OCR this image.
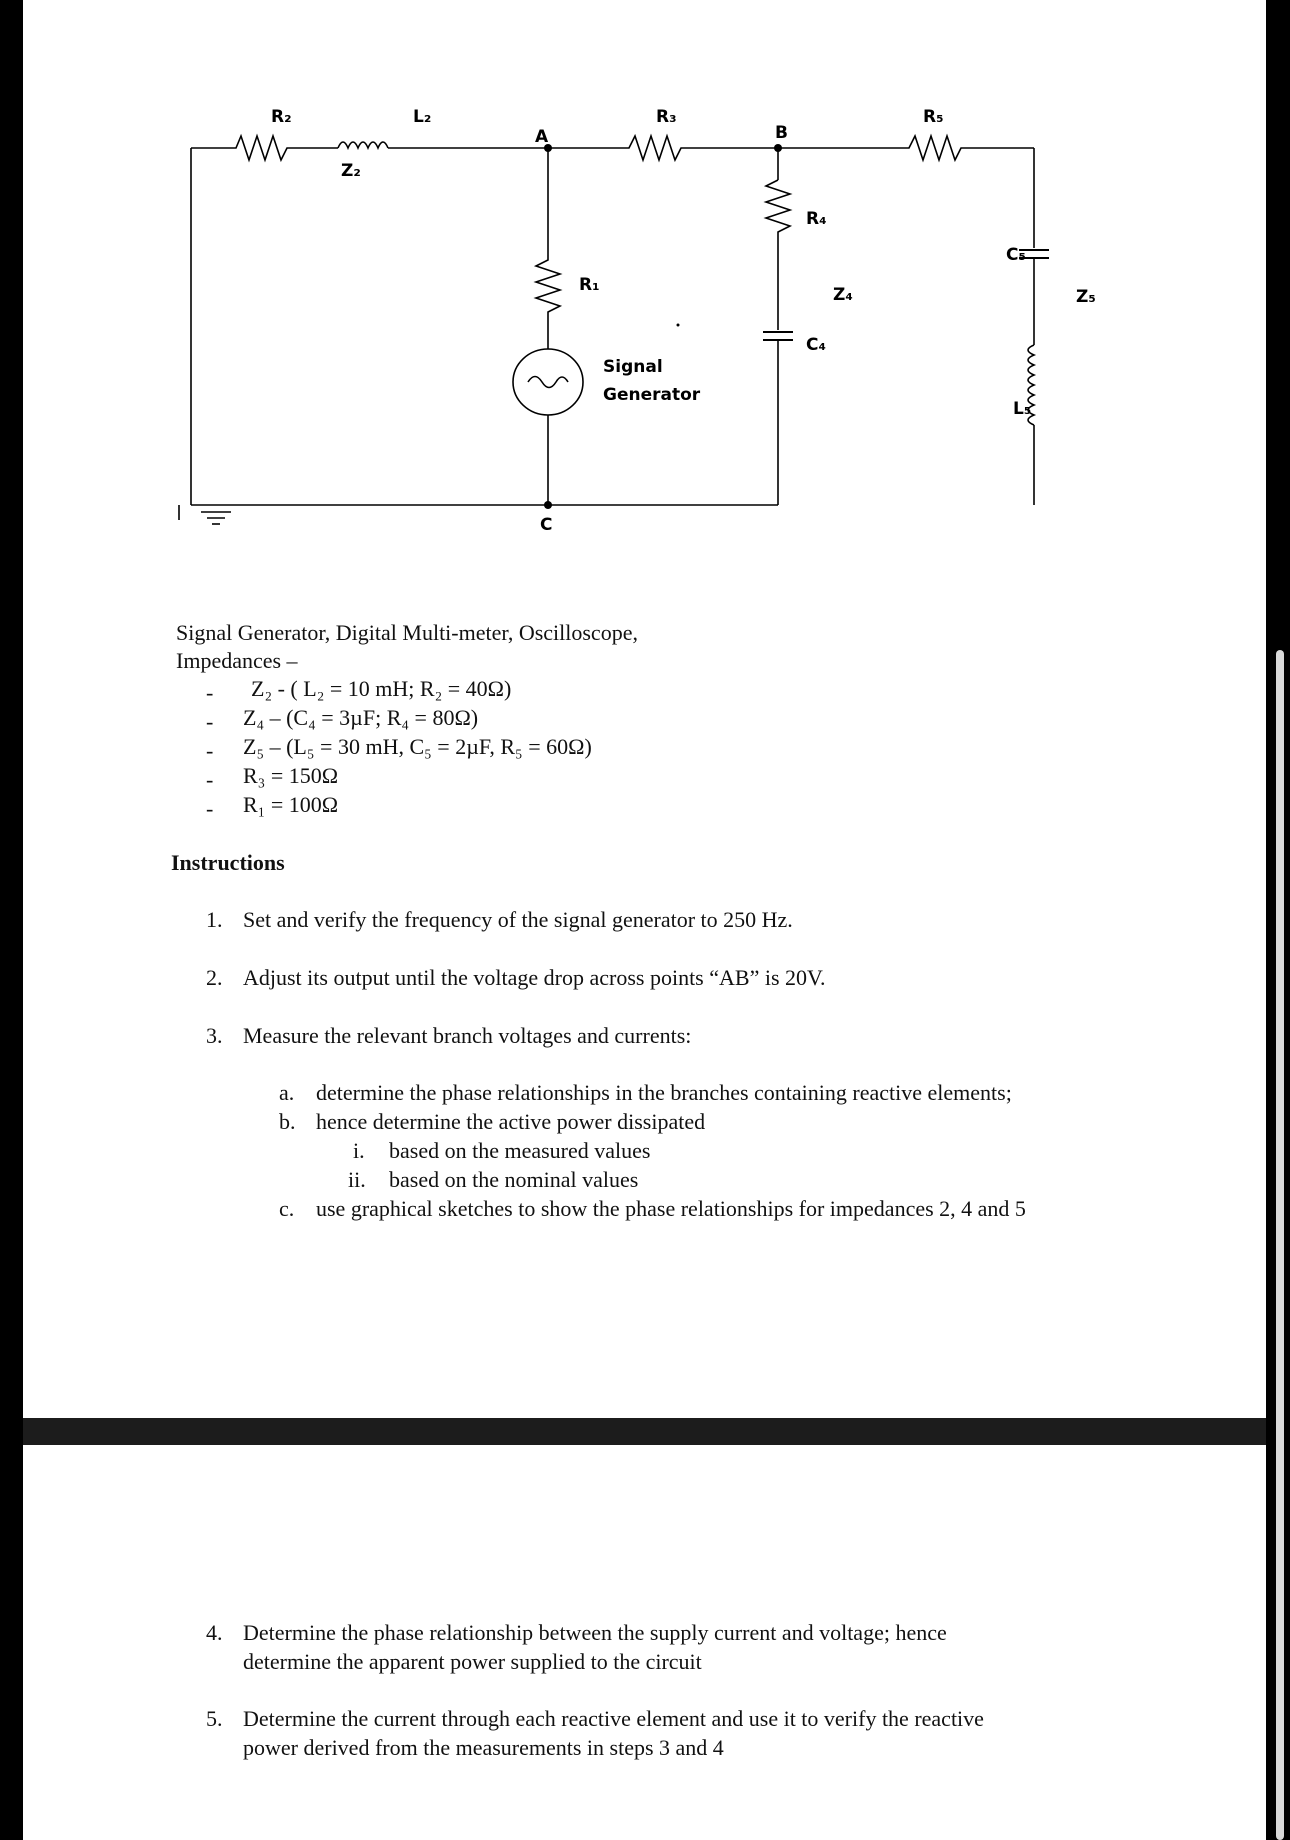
R₂	L₂
A
R₃
B
R₅
Z₂
R₄
C₅
R₁	Z₄	Z₅
C₄
Signal
Generator
L₅
C
Signal Generator, Digital Multi-meter, Oscilloscope,
Impedances –
- Z₂ - ( L₂ = 10 mH; R₂ = 40Ω)
- Z₄ – (C₄ = 3µF; R₄ = 80Ω)
- Z₅ – (L₅ = 30 mH, C₅ = 2µF, R₅ = 60Ω)
- R₃ = 150Ω
- R₁ = 100Ω
Instructions
1. Set and verify the frequency of the signal generator to 250 Hz.
2. Adjust its output until the voltage drop across points “AB” is 20V.
3. Measure the relevant branch voltages and currents:
a. determine the phase relationships in the branches containing reactive elements;
b. hence determine the active power dissipated
i. based on the measured values
ii. based on the nominal values
c. use graphical sketches to show the phase relationships for impedances 2, 4 and 5
4. Determine the phase relationship between the supply current and voltage; hence
determine the apparent power supplied to the circuit
5. Determine the current through each reactive element and use it to verify the reactive
power derived from the measurements in steps 3 and 4
